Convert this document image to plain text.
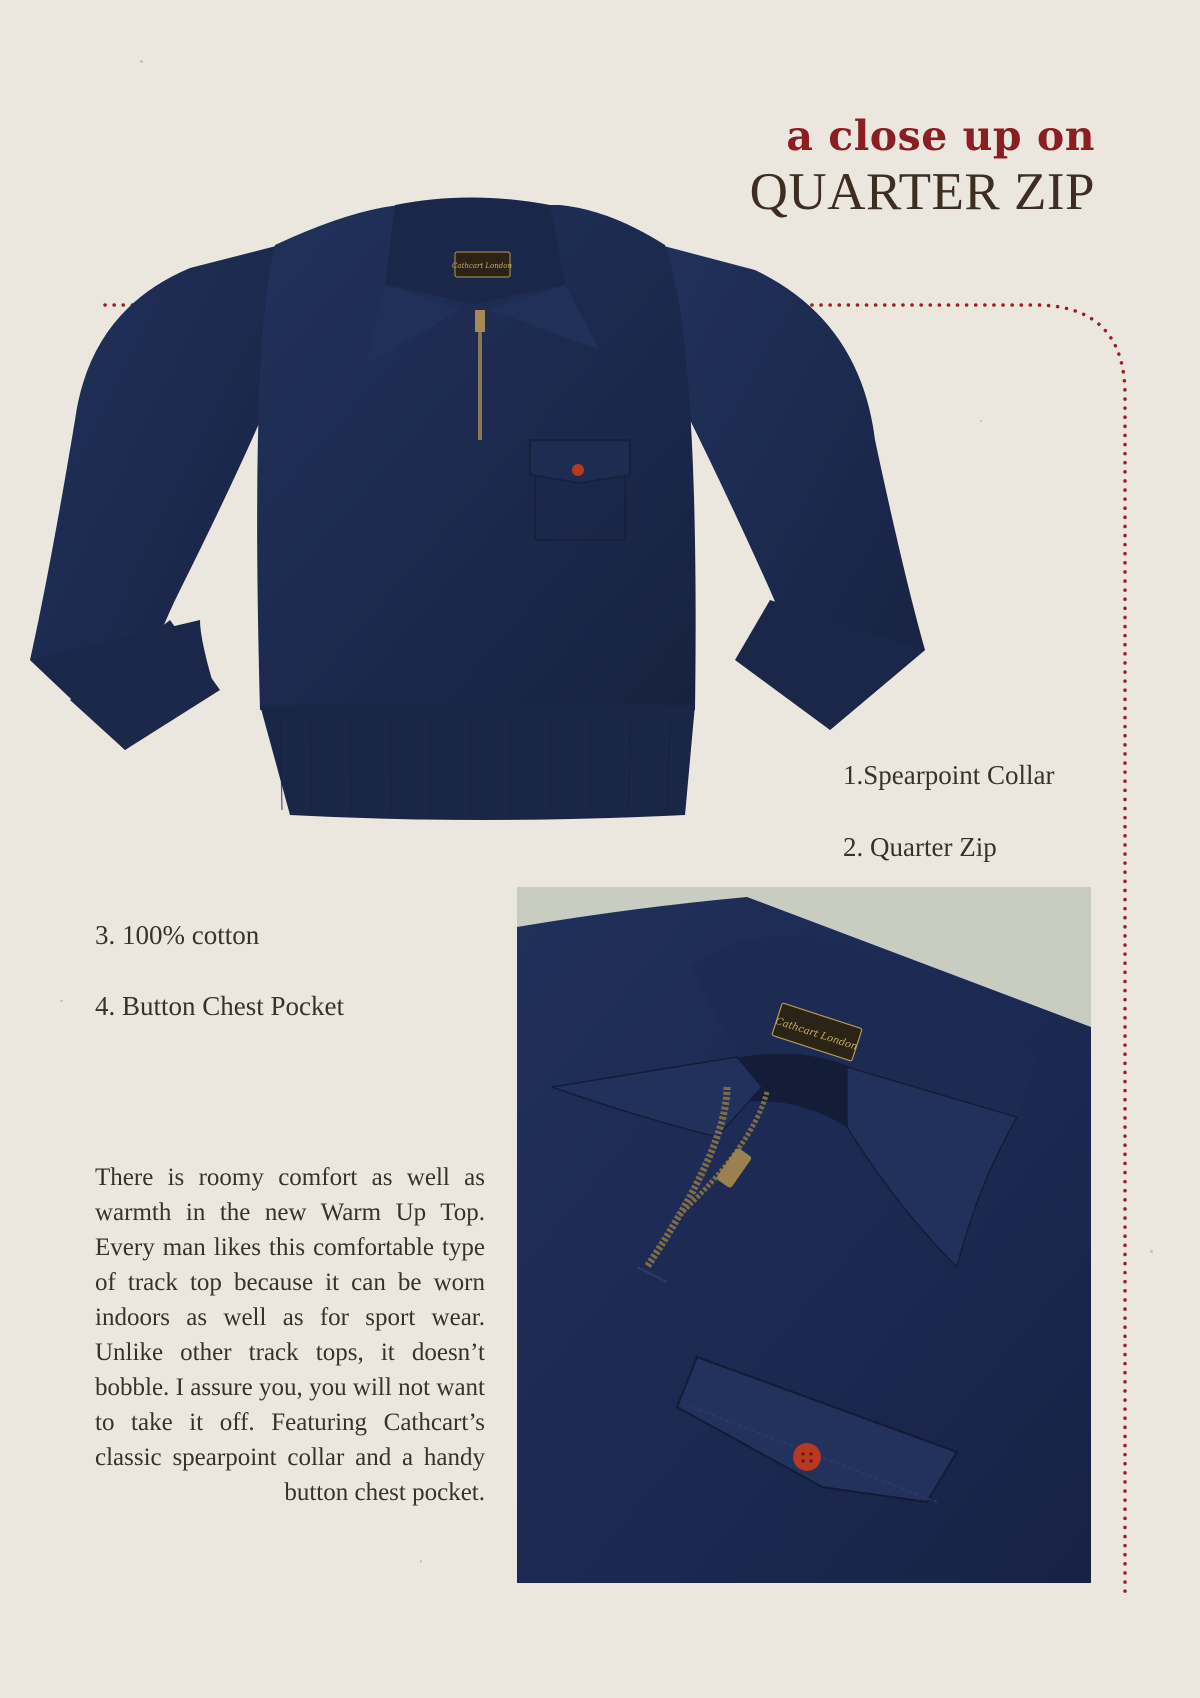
a close up on
QUARTER ZIP
Cathcart London
1.Spearpoint Collar
2. Quarter Zip
3. 100% cotton
4. Button Chest Pocket
Cathcart London
There is roomy comfort as well as warmth in the new Warm Up Top. Every man likes this comfortable type of track top because it can be worn indoors as well as for sport wear. Unlike other track tops, it doesn’t bobble. I assure you, you will not want to take it off. Featuring Cathcart’s classic spearpoint collar and a handy button chest pocket.
